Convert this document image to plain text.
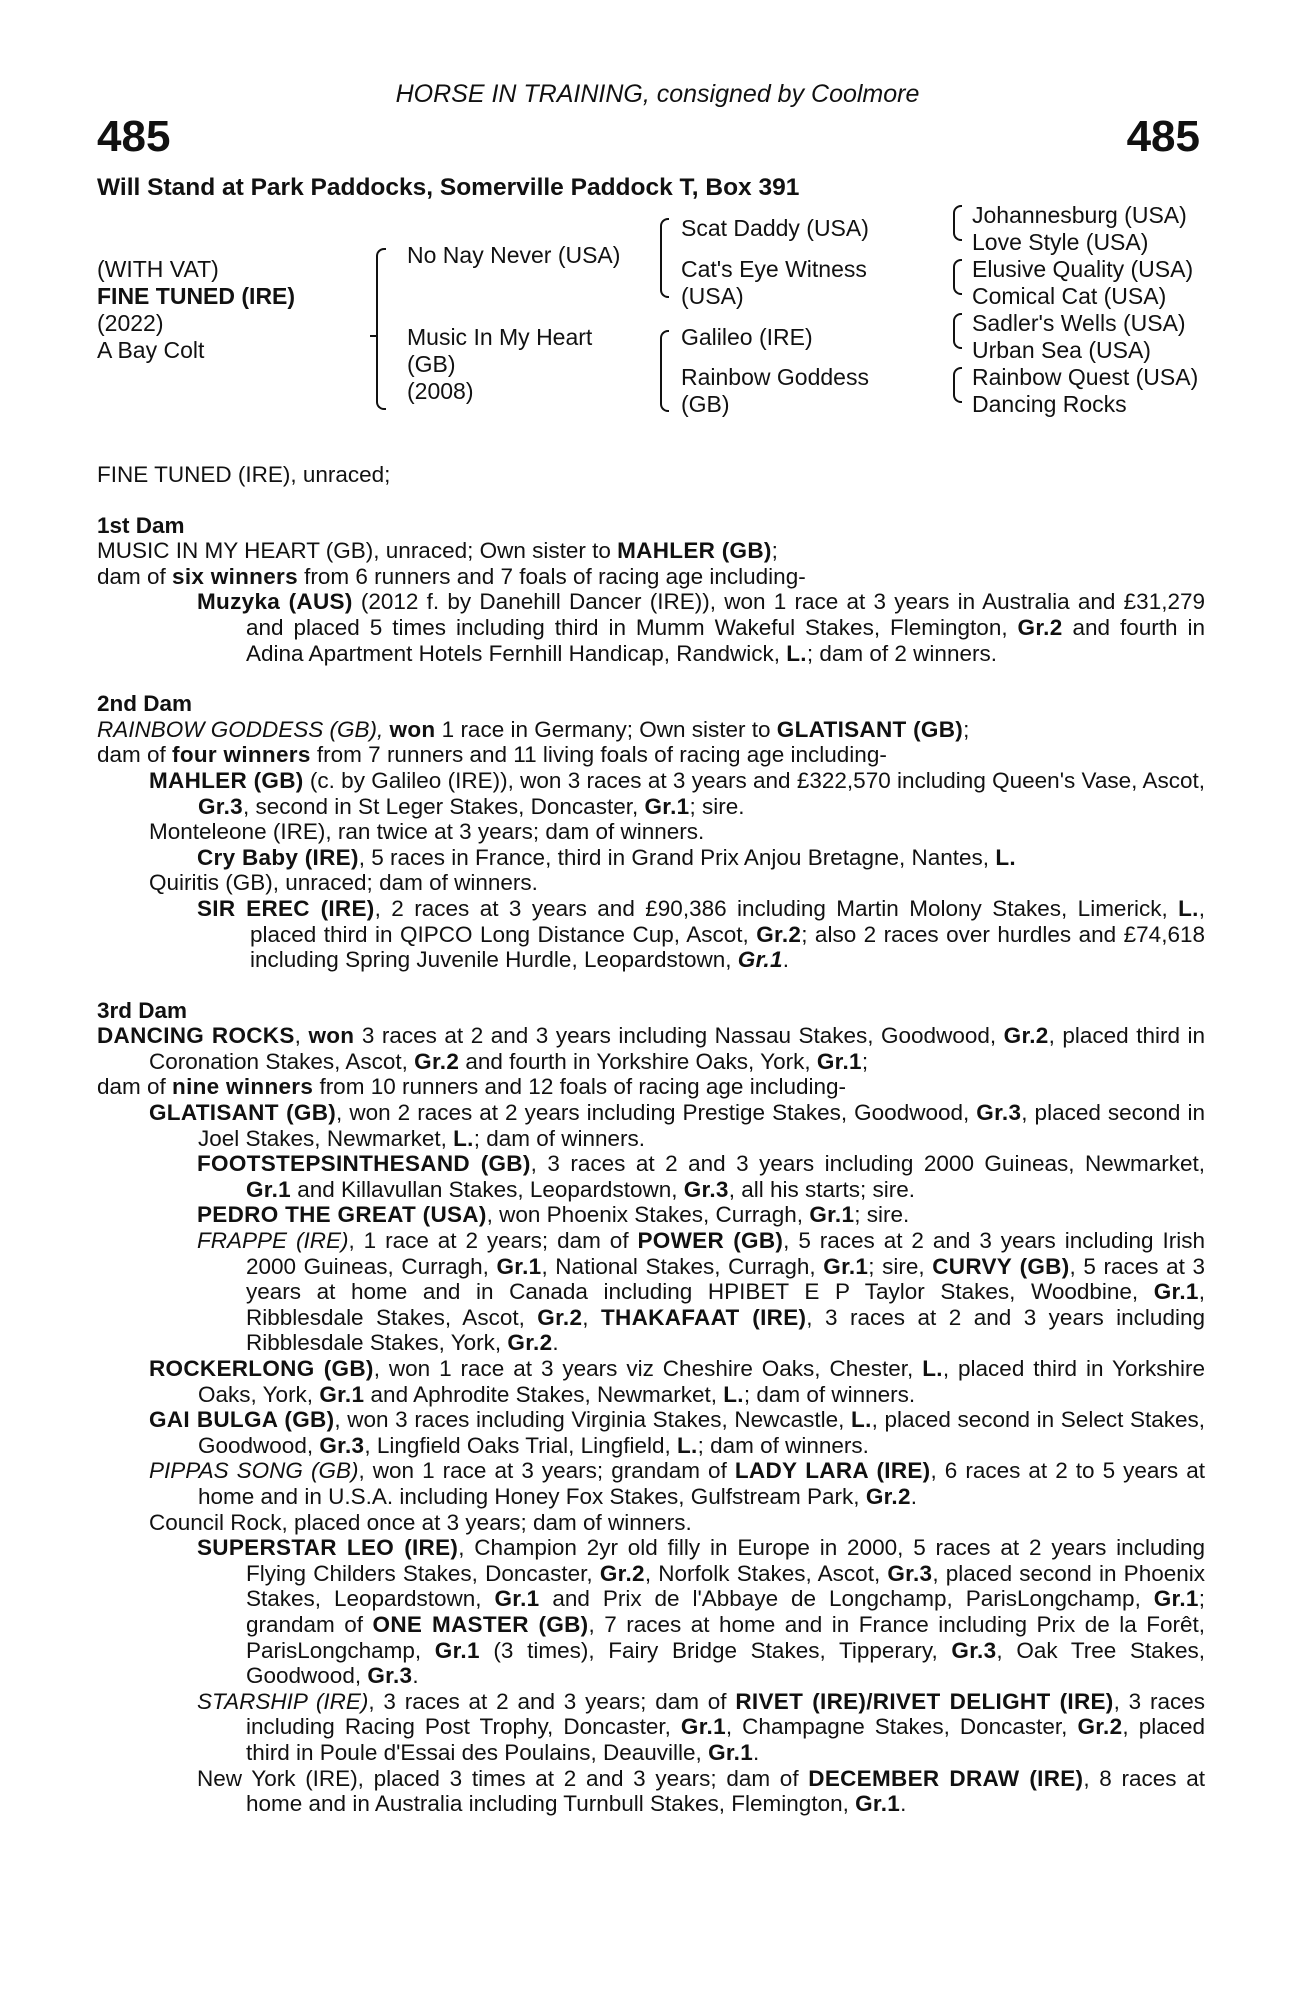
HORSE IN TRAINING, consigned by Coolmore
485	485
Will Stand at Park Paddocks, Somerville Paddock T, Box 391
(WITH VAT)
FINE TUNED (IRE)
(2022)
A Bay Colt
No Nay Never (USA)
Music In My Heart
(GB)
(2008)
Scat Daddy (USA)
Cat's Eye Witness
(USA)
Galileo (IRE)
Rainbow Goddess
(GB)
Johannesburg (USA)
Love Style (USA)
Elusive Quality (USA)
Comical Cat (USA)
Sadler's Wells (USA)
Urban Sea (USA)
Rainbow Quest (USA)
Dancing Rocks

FINE TUNED (IRE), unraced;

1st Dam

MUSIC IN MY HEART (GB), unraced; Own sister to MAHLER (GB);

dam of six winners from 6 runners and 7 foals of racing age including-

Muzyka (AUS) (2012 f. by Danehill Dancer (IRE)), won 1 race at 3 years in Australia and £31,279 and placed 5 times including third in Mumm Wakeful Stakes, Flemington, Gr.2 and fourth in Adina Apartment Hotels Fernhill Handicap, Randwick, L.; dam of 2 winners.

2nd Dam

RAINBOW GODDESS (GB), won 1 race in Germany; Own sister to GLATISANT (GB);

dam of four winners from 7 runners and 11 living foals of racing age including-

MAHLER (GB) (c. by Galileo (IRE)), won 3 races at 3 years and £322,570 including Queen's Vase, Ascot, Gr.3, second in St Leger Stakes, Doncaster, Gr.1; sire.

Monteleone (IRE), ran twice at 3 years; dam of winners.

Cry Baby (IRE), 5 races in France, third in Grand Prix Anjou Bretagne, Nantes, L.

Quiritis (GB), unraced; dam of winners.

SIR EREC (IRE), 2 races at 3 years and £90,386 including Martin Molony Stakes, Limerick, L., placed third in QIPCO Long Distance Cup, Ascot, Gr.2; also 2 races over hurdles and £74,618 including Spring Juvenile Hurdle, Leopardstown, Gr.1.

3rd Dam

DANCING ROCKS, won 3 races at 2 and 3 years including Nassau Stakes, Goodwood, Gr.2, placed third in Coronation Stakes, Ascot, Gr.2 and fourth in Yorkshire Oaks, York, Gr.1;

dam of nine winners from 10 runners and 12 foals of racing age including-

GLATISANT (GB), won 2 races at 2 years including Prestige Stakes, Goodwood, Gr.3, placed second in Joel Stakes, Newmarket, L.; dam of winners.

FOOTSTEPSINTHESAND (GB), 3 races at 2 and 3 years including 2000 Guineas, Newmarket, Gr.1 and Killavullan Stakes, Leopardstown, Gr.3, all his starts; sire.

PEDRO THE GREAT (USA), won Phoenix Stakes, Curragh, Gr.1; sire.

FRAPPE (IRE), 1 race at 2 years; dam of POWER (GB), 5 races at 2 and 3 years including Irish 2000 Guineas, Curragh, Gr.1, National Stakes, Curragh, Gr.1; sire, CURVY (GB), 5 races at 3 years at home and in Canada including HPIBET E P Taylor Stakes, Woodbine, Gr.1, Ribblesdale Stakes, Ascot, Gr.2, THAKAFAAT (IRE), 3 races at 2 and 3 years including Ribblesdale Stakes, York, Gr.2.

ROCKERLONG (GB), won 1 race at 3 years viz Cheshire Oaks, Chester, L., placed third in Yorkshire Oaks, York, Gr.1 and Aphrodite Stakes, Newmarket, L.; dam of winners.

GAI BULGA (GB), won 3 races including Virginia Stakes, Newcastle, L., placed second in Select Stakes, Goodwood, Gr.3, Lingfield Oaks Trial, Lingfield, L.; dam of winners.

PIPPAS SONG (GB), won 1 race at 3 years; grandam of LADY LARA (IRE), 6 races at 2 to 5 years at home and in U.S.A. including Honey Fox Stakes, Gulfstream Park, Gr.2.

Council Rock, placed once at 3 years; dam of winners.

SUPERSTAR LEO (IRE), Champion 2yr old filly in Europe in 2000, 5 races at 2 years including Flying Childers Stakes, Doncaster, Gr.2, Norfolk Stakes, Ascot, Gr.3, placed second in Phoenix Stakes, Leopardstown, Gr.1 and Prix de l'Abbaye de Longchamp, ParisLongchamp, Gr.1; grandam of ONE MASTER (GB), 7 races at home and in France including Prix de la Forêt, ParisLongchamp, Gr.1 (3 times), Fairy Bridge Stakes, Tipperary, Gr.3, Oak Tree Stakes, Goodwood, Gr.3.

STARSHIP (IRE), 3 races at 2 and 3 years; dam of RIVET (IRE)/RIVET DELIGHT (IRE), 3 races including Racing Post Trophy, Doncaster, Gr.1, Champagne Stakes, Doncaster, Gr.2, placed third in Poule d'Essai des Poulains, Deauville, Gr.1.

New York (IRE), placed 3 times at 2 and 3 years; dam of DECEMBER DRAW (IRE), 8 races at home and in Australia including Turnbull Stakes, Flemington, Gr.1.
